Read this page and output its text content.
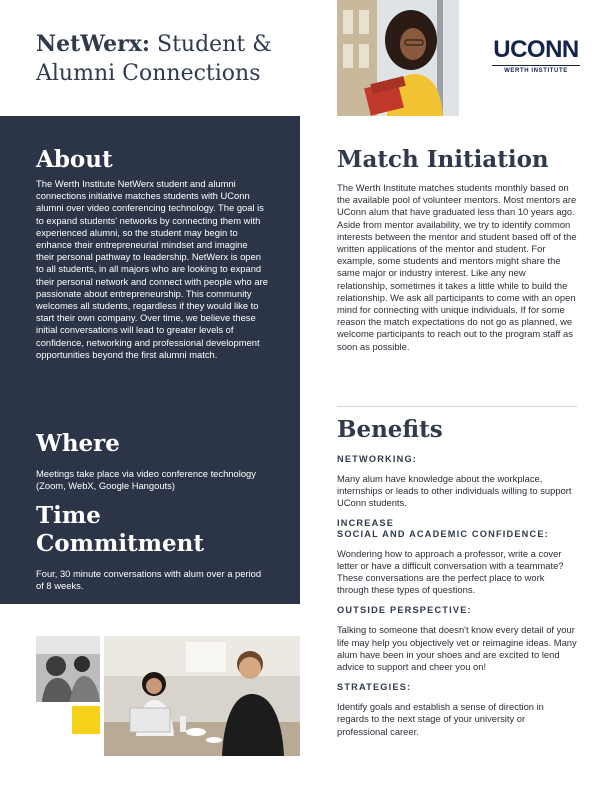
NetWerx: Student & Alumni Connections
UCONN
WERTH INSTITUTE
About

The Werth Institute NetWerx student and alumni connections initiative matches students with UConn alumni over video conferencing technology. The goal is to expand students' networks by connecting them with experienced alumni, so the student may begin to enhance their entrepreneurial mindset and imagine their personal pathway to leadership. NetWerx is open to all students, in all majors who are looking to expand their personal network and connect with people who are passionate about entrepreneurship. This community welcomes all students, regardless if they would like to start their own company. Over time, we believe these initial conversations will lead to greater levels of confidence, networking and professional development opportunities beyond the first alumni match.

Where

Meetings take place via video conference technology (Zoom, WebX, Google Hangouts)

Time Commitment

Four, 30 minute conversations with alum over a period of 8 weeks.

Match Initiation

The Werth Institute matches students monthly based on the available pool of volunteer mentors. Most mentors are UConn alum that have graduated less than 10 years ago. Aside from mentor availability, we try to identify common interests between the mentor and student based off of the written applications of the mentor and student. For example, some students and mentors might share the same major or industry interest. Like any new relationship, sometimes it takes a little while to build the relationship. We ask all participants to come with an open mind for connecting with unique individuals. If for some reason the match expectations do not go as planned, we welcome participants to reach out to the program staff as soon as possible.

Benefits

NETWORKING:

Many alum have knowledge about the workplace, internships or leads to other individuals willing to support UConn students.

INCREASE

SOCIAL AND ACADEMIC CONFIDENCE:

Wondering how to approach a professor, write a cover letter or have a difficult conversation with a teammate? These conversations are the perfect place to work through these types of questions.

OUTSIDE PERSPECTIVE:

Talking to someone that doesn't know every detail of your life may help you objectively vet or reimagine ideas. Many alum have been in your shoes and are excited to lend advice to support and cheer you on!

STRATEGIES:

Identify goals and establish a sense of direction in regards to the next stage of your university or professional career.
